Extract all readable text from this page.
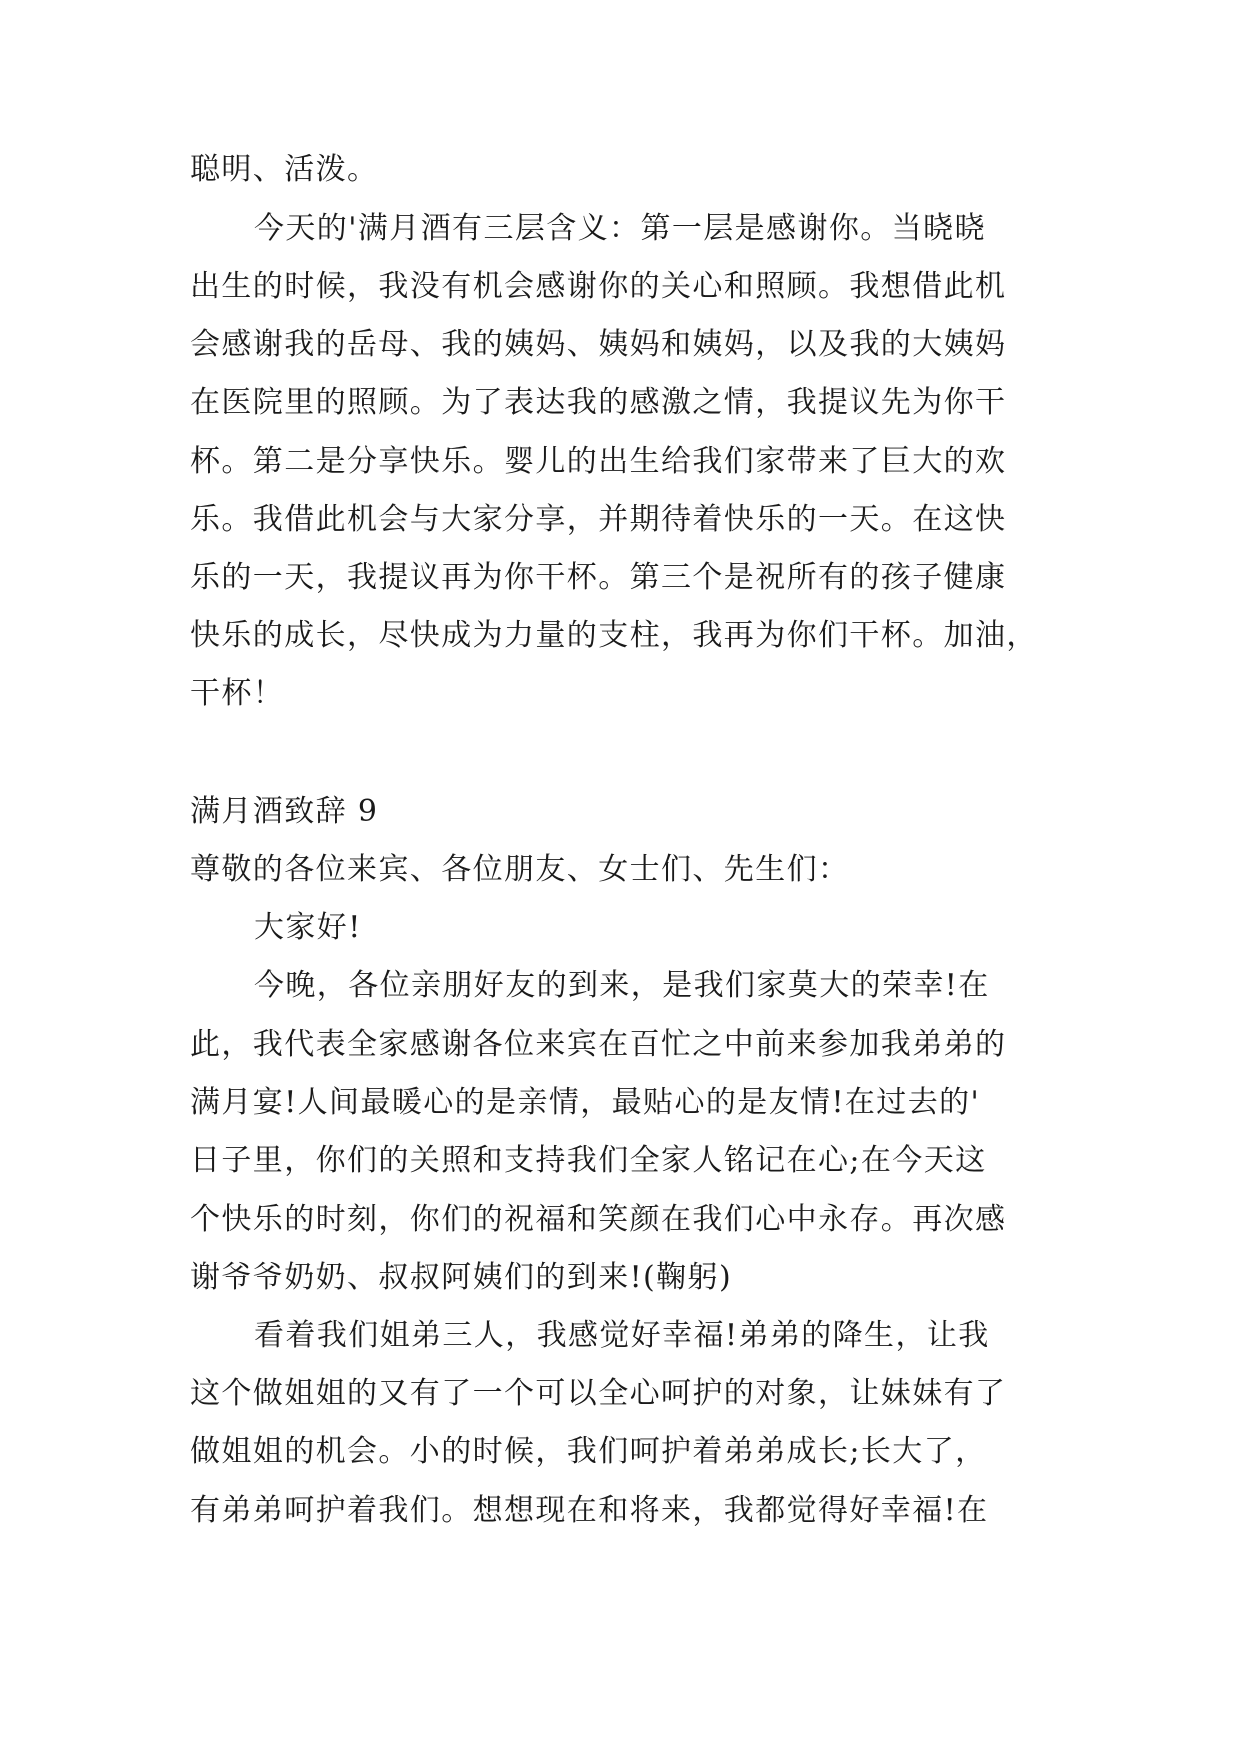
聪明、活泼。
今天的'满月酒有三层含义：第一层是感谢你。当晓晓
出生的时候，我没有机会感谢你的关心和照顾。我想借此机
会感谢我的岳母、我的姨妈、姨妈和姨妈，以及我的大姨妈
在医院里的照顾。为了表达我的感激之情，我提议先为你干
杯。第二是分享快乐。婴儿的出生给我们家带来了巨大的欢
乐。我借此机会与大家分享，并期待着快乐的一天。在这快
乐的一天，我提议再为你干杯。第三个是祝所有的孩子健康
快乐的成长，尽快成为力量的支柱，我再为你们干杯。加油，
干杯！
满月酒致辞 9
尊敬的各位来宾、各位朋友、女士们、先生们：
大家好!
今晚，各位亲朋好友的到来，是我们家莫大的荣幸!在
此，我代表全家感谢各位来宾在百忙之中前来参加我弟弟的
满月宴!人间最暖心的是亲情，最贴心的是友情!在过去的'
日子里，你们的关照和支持我们全家人铭记在心;在今天这
个快乐的时刻，你们的祝福和笑颜在我们心中永存。再次感
谢爷爷奶奶、叔叔阿姨们的到来!(鞠躬)
看着我们姐弟三人，我感觉好幸福!弟弟的降生，让我
这个做姐姐的又有了一个可以全心呵护的对象，让妹妹有了
做姐姐的机会。小的时候，我们呵护着弟弟成长;长大了，
有弟弟呵护着我们。想想现在和将来，我都觉得好幸福!在
